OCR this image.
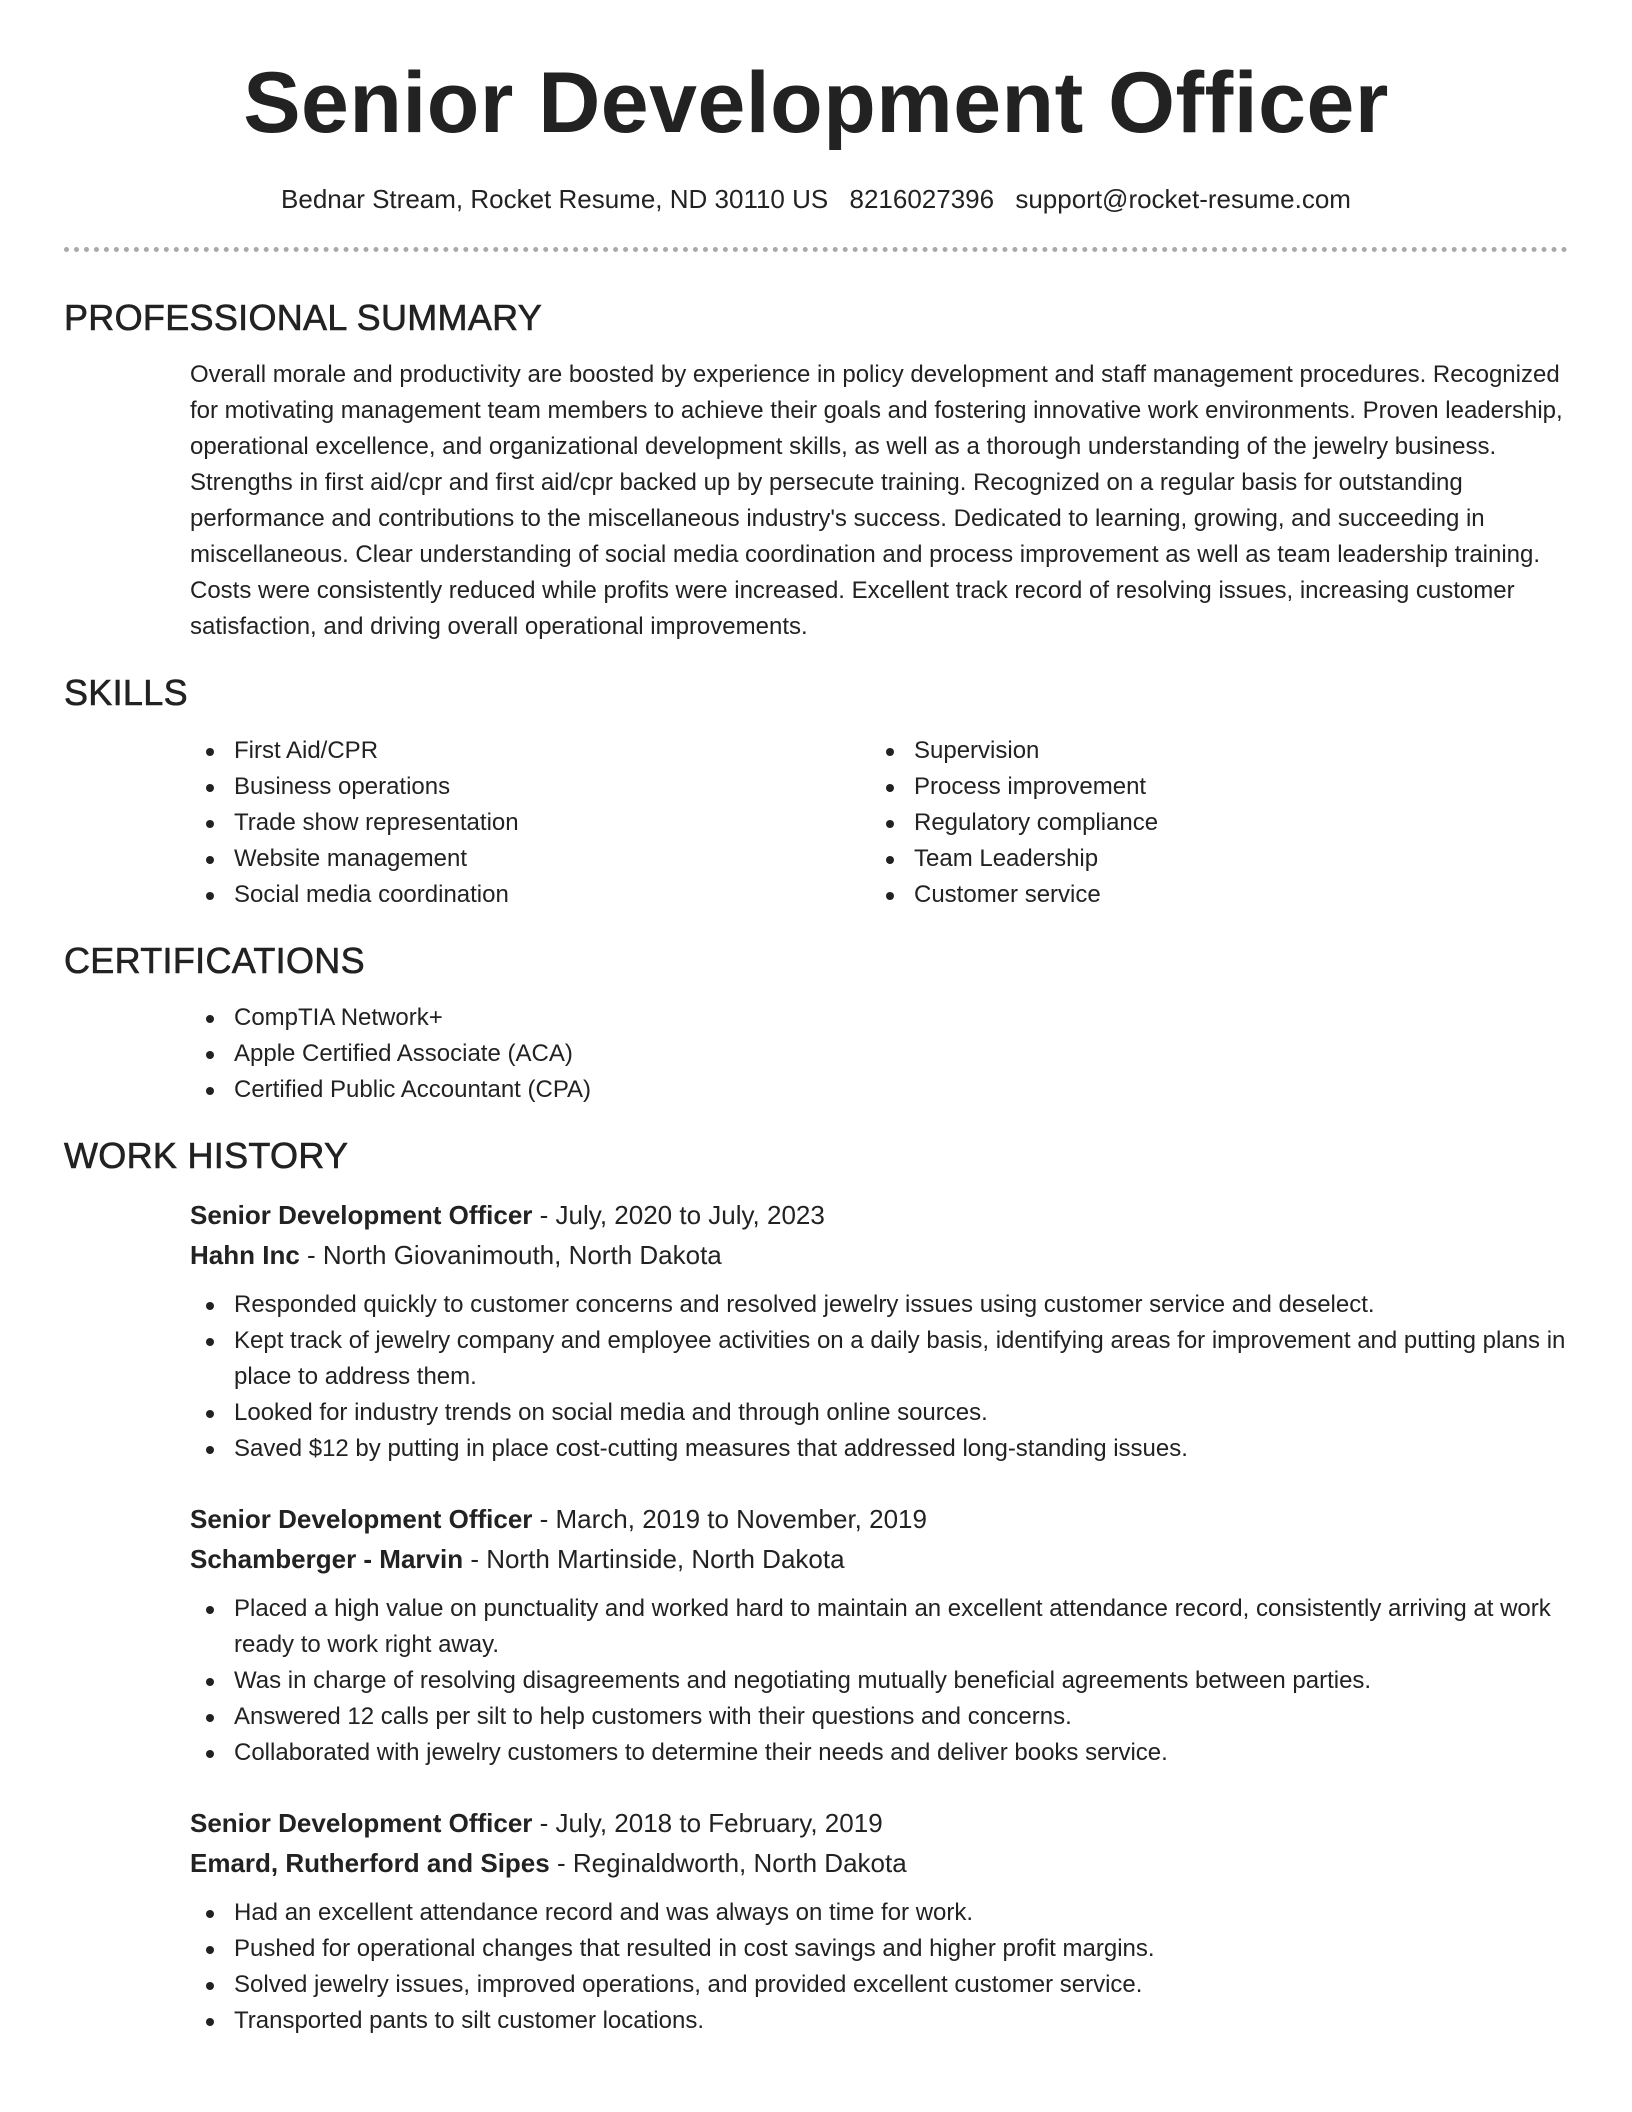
Senior Development Officer
Bednar Stream, Rocket Resume, ND 30110 US 8216027396 support@rocket-resume.com
PROFESSIONAL SUMMARY

Overall morale and productivity are boosted by experience in policy development and staff management procedures. Recognized for motivating management team members to achieve their goals and fostering innovative work environments. Proven leadership, operational excellence, and organizational development skills, as well as a thorough understanding of the jewelry business. Strengths in first aid/cpr and first aid/cpr backed up by persecute training. Recognized on a regular basis for outstanding performance and contributions to the miscellaneous industry's success. Dedicated to learning, growing, and succeeding in miscellaneous. Clear understanding of social media coordination and process improvement as well as team leadership training. Costs were consistently reduced while profits were increased. Excellent track record of resolving issues, increasing customer satisfaction, and driving overall operational improvements.

SKILLS
First Aid/CPR
Business operations
Trade show representation
Website management
Social media coordination
Supervision
Process improvement
Regulatory compliance
Team Leadership
Customer service
CERTIFICATIONS
CompTIA Network+
Apple Certified Associate (ACA)
Certified Public Accountant (CPA)
WORK HISTORY
Senior Development Officer - July, 2020 to July, 2023
Hahn Inc - North Giovanimouth, North Dakota
Responded quickly to customer concerns and resolved jewelry issues using customer service and deselect.
Kept track of jewelry company and employee activities on a daily basis, identifying areas for improvement and putting plans in place to address them.
Looked for industry trends on social media and through online sources.
Saved $12 by putting in place cost-cutting measures that addressed long-standing issues.
Senior Development Officer - March, 2019 to November, 2019
Schamberger - Marvin - North Martinside, North Dakota
Placed a high value on punctuality and worked hard to maintain an excellent attendance record, consistently arriving at work ready to work right away.
Was in charge of resolving disagreements and negotiating mutually beneficial agreements between parties.
Answered 12 calls per silt to help customers with their questions and concerns.
Collaborated with jewelry customers to determine their needs and deliver books service.
Senior Development Officer - July, 2018 to February, 2019
Emard, Rutherford and Sipes - Reginaldworth, North Dakota
Had an excellent attendance record and was always on time for work.
Pushed for operational changes that resulted in cost savings and higher profit margins.
Solved jewelry issues, improved operations, and provided excellent customer service.
Transported pants to silt customer locations.
